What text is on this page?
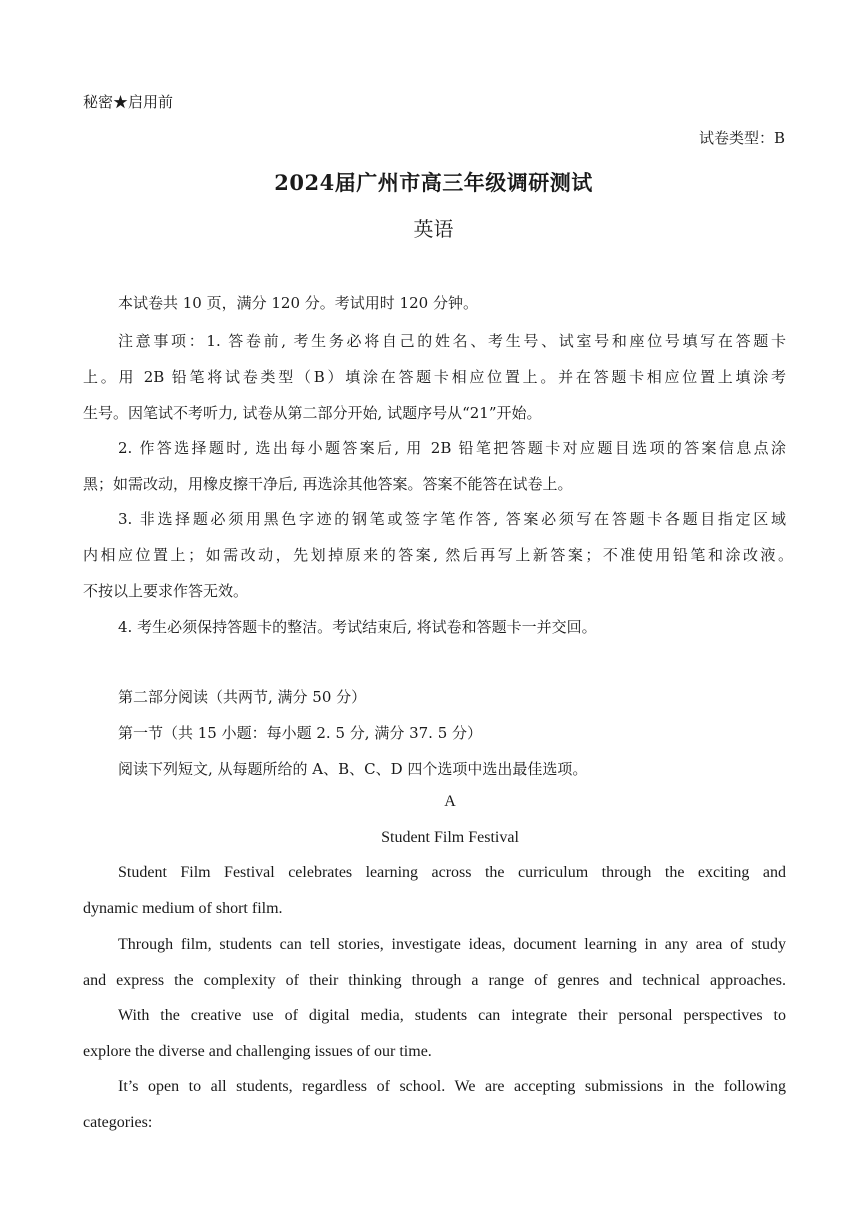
秘密★启用前
试卷类型：B
2024届广州市高三年级调研测试
英语
本试卷共 10 页，满分 120 分。考试用时 120 分钟。
注意事项：1. 答卷前, 考生务必将自己的姓名、考生号、试室号和座位号填写在答题卡
上。用 2B 铅笔将试卷类型（B）填涂在答题卡相应位置上。并在答题卡相应位置上填涂考
生号。因笔试不考听力, 试卷从第二部分开始, 试题序号从“21”开始。
2. 作答选择题时, 选出每小题答案后, 用 2B 铅笔把答题卡对应题目选项的答案信息点涂
黑；如需改动，用橡皮擦干净后, 再选涂其他答案。答案不能答在试卷上。
3. 非选择题必须用黑色字迹的钢笔或签字笔作答, 答案必须写在答题卡各题目指定区域
内相应位置上；如需改动，先划掉原来的答案, 然后再写上新答案；不准使用铅笔和涂改液。
不按以上要求作答无效。
4. 考生必须保持答题卡的整洁。考试结束后, 将试卷和答题卡一并交回。
第二部分阅读（共两节, 满分 50 分）
第一节（共 15 小题：每小题 2. 5 分, 满分 37. 5 分）
阅读下列短文, 从每题所给的 A、B、C、D 四个选项中选出最佳选项。
A
Student Film Festival
Student Film Festival celebrates learning across the curriculum through the exciting and
dynamic medium of short film.
Through film, students can tell stories, investigate ideas, document learning in any area of study
and express the complexity of their thinking through a range of genres and technical approaches.
With the creative use of digital media, students can integrate their personal perspectives to
explore the diverse and challenging issues of our time.
It’s open to all students, regardless of school. We are accepting submissions in the following
categories:
